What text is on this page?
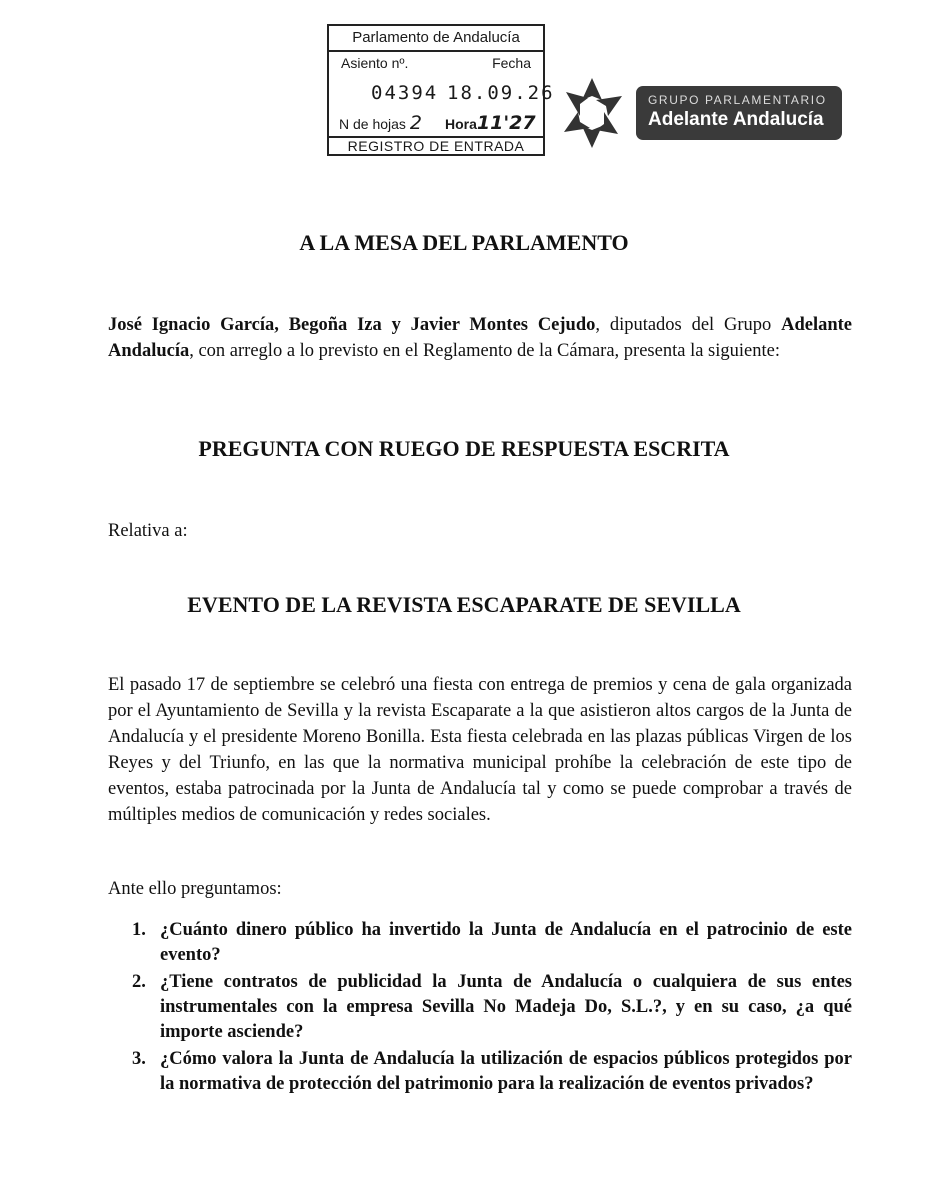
Parlamento de Andalucía
Asiento nº.	Fecha
04394 18.09.26
N de hojas 2 Hora11'27
REGISTRO DE ENTRADA
GRUPO PARLAMENTARIO
Adelante Andalucía
A LA MESA DEL PARLAMENTO
José Ignacio García, Begoña Iza y Javier Montes Cejudo, diputados del Grupo Adelante Andalucía, con arreglo a lo previsto en el Reglamento de la Cámara, presenta la siguiente:
PREGUNTA CON RUEGO DE RESPUESTA ESCRITA
Relativa a:
EVENTO DE LA REVISTA ESCAPARATE DE SEVILLA
El pasado 17 de septiembre se celebró una fiesta con entrega de premios y cena de gala organizada por el Ayuntamiento de Sevilla y la revista Escaparate a la que asistieron altos cargos de la Junta de Andalucía y el presidente Moreno Bonilla. Esta fiesta celebrada en las plazas públicas Virgen de los Reyes y del Triunfo, en las que la normativa municipal prohíbe la celebración de este tipo de eventos, estaba patrocinada por la Junta de Andalucía tal y como se puede comprobar a través de múltiples medios de comunicación y redes sociales.
Ante ello preguntamos:
1. ¿Cuánto dinero público ha invertido la Junta de Andalucía en el patrocinio de este evento?
2. ¿Tiene contratos de publicidad la Junta de Andalucía o cualquiera de sus entes instrumentales con la empresa Sevilla No Madeja Do, S.L.?, y en su caso, ¿a qué importe asciende?
3. ¿Cómo valora la Junta de Andalucía la utilización de espacios públicos protegidos por la normativa de protección del patrimonio para la realización de eventos privados?
